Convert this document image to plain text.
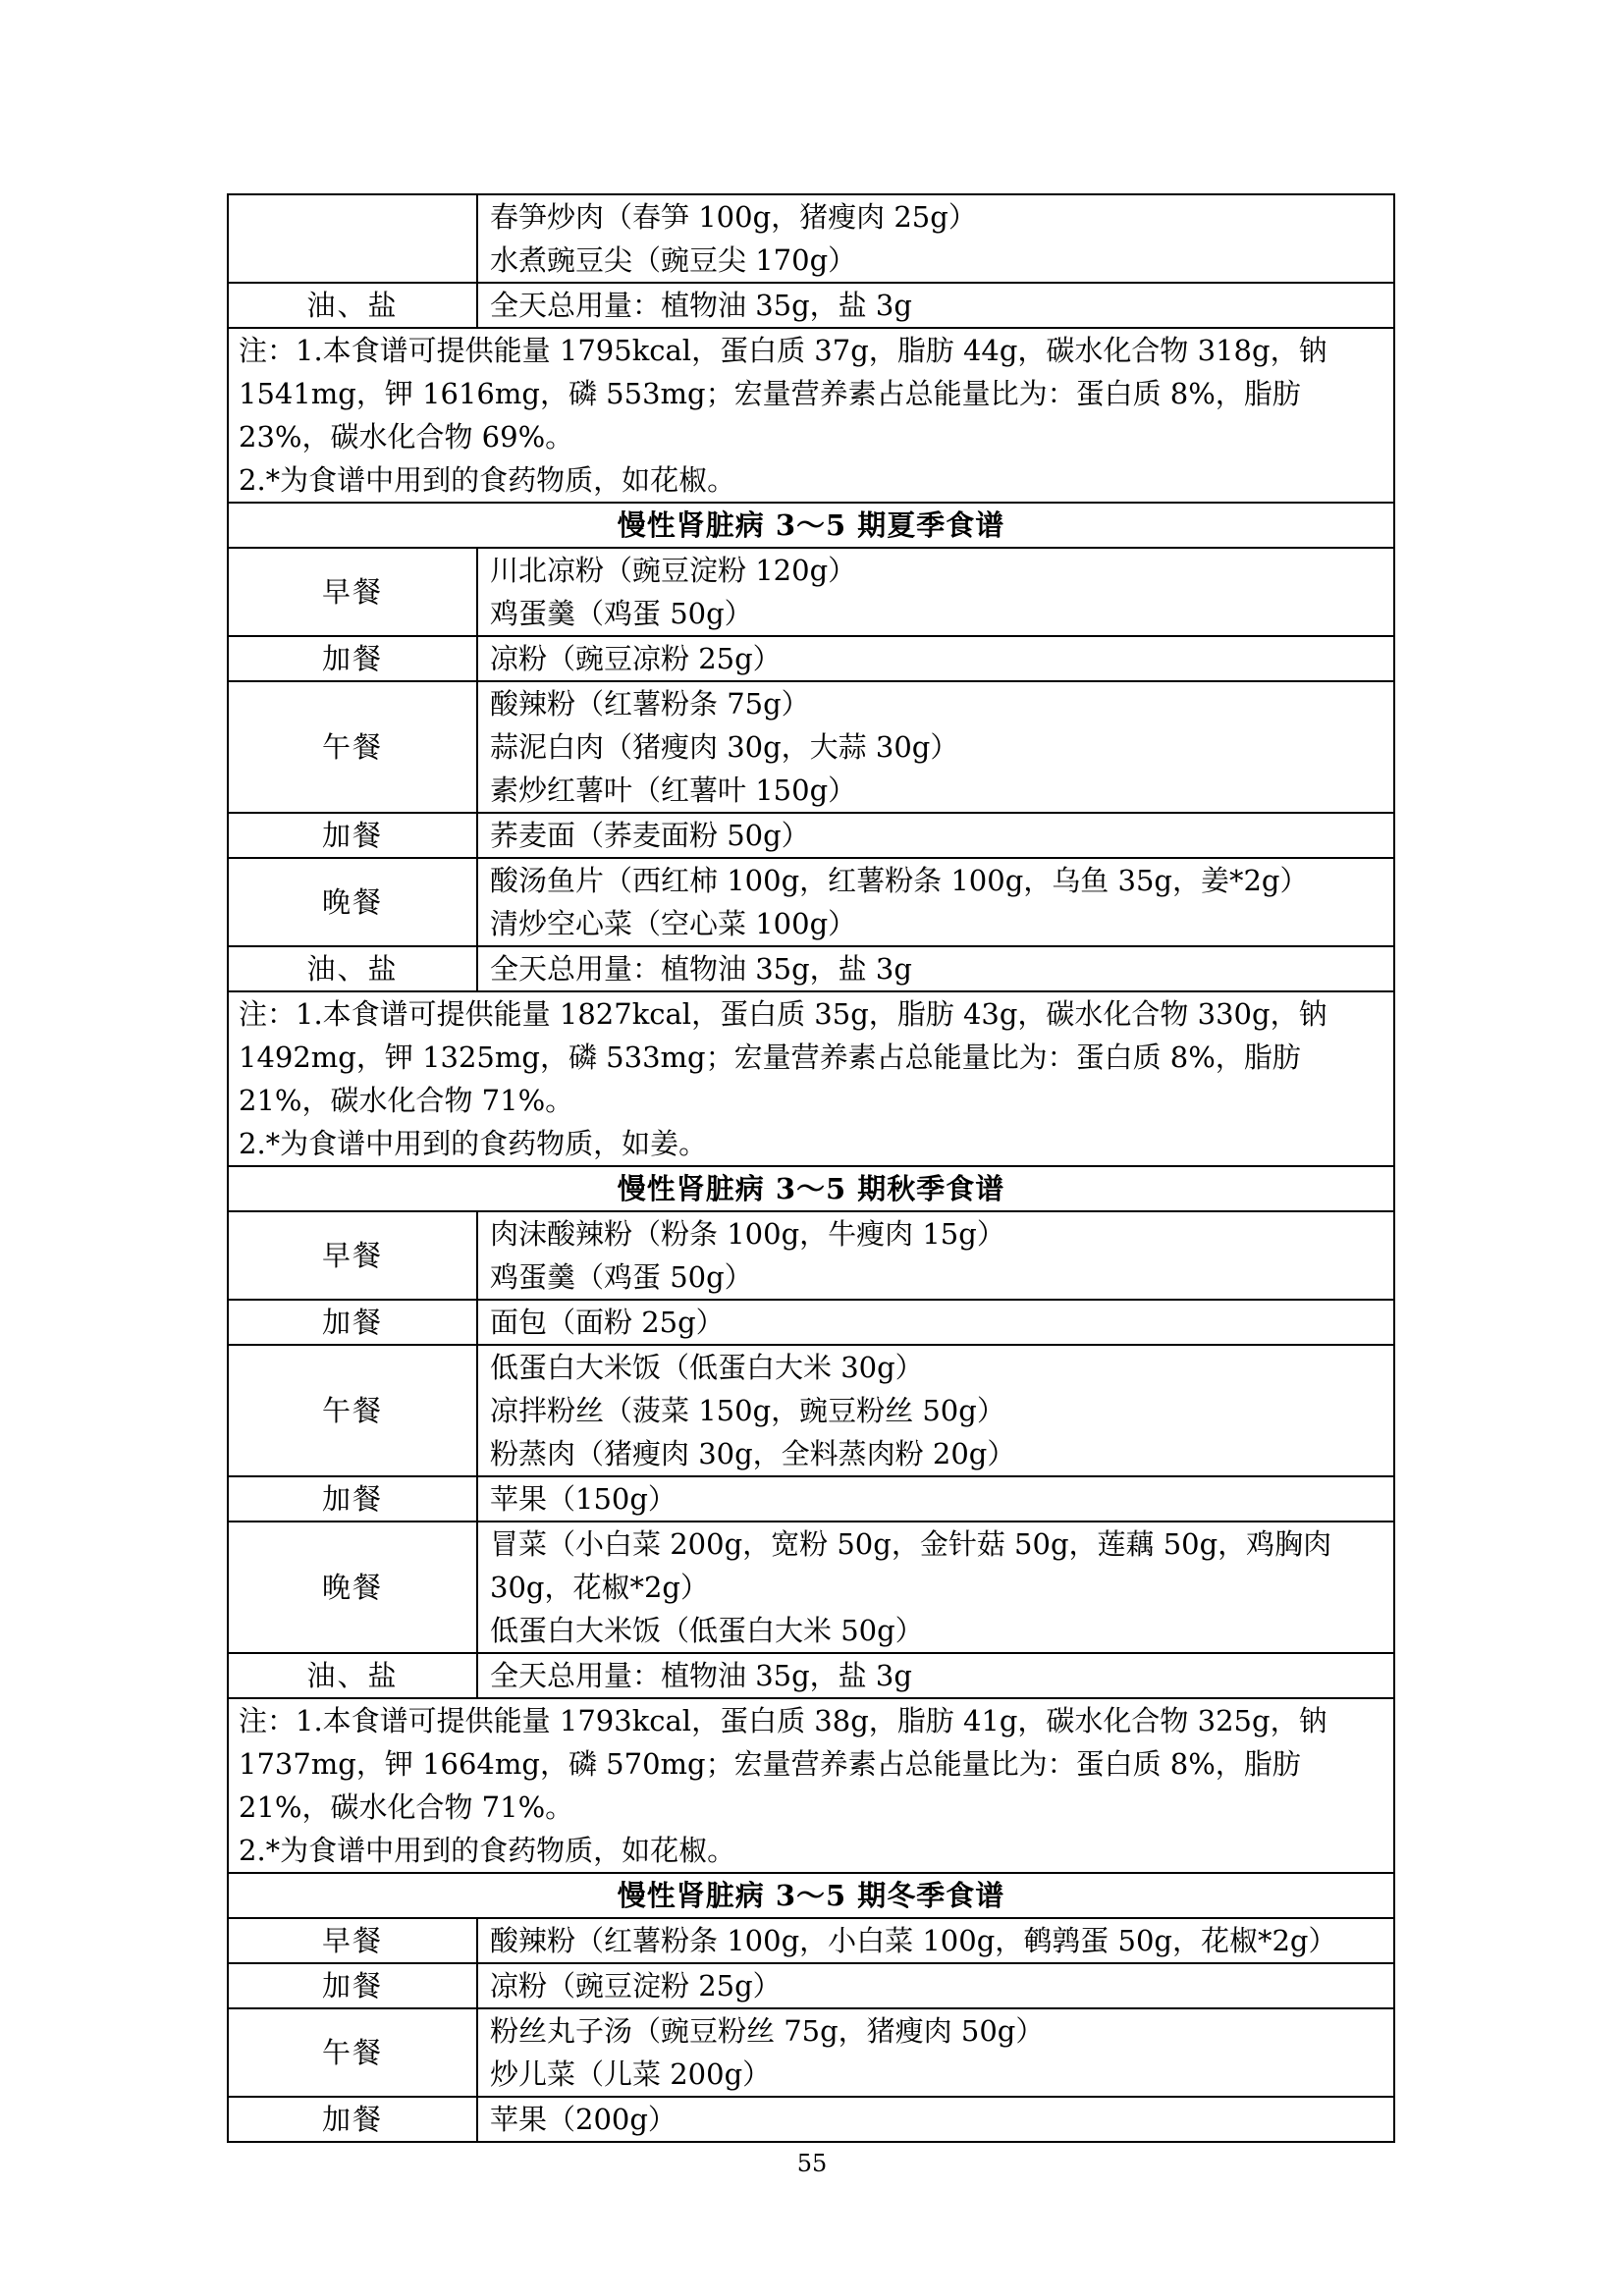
	春笋炒肉（春笋 100g，猪瘦肉 25g）
水煮豌豆尖（豌豆尖 170g）

油、盐	全天总用量：植物油 35g，盐 3g

注：1.本食谱可提供能量 1795kcal，蛋白质 37g，脂肪 44g，碳水化合物 318g，钠 1541mg，钾 1616mg，磷 553mg；宏量营养素占总能量比为：蛋白质 8%，脂肪 23%，碳水化合物 69%。
2.*为食谱中用到的食药物质，如花椒。	

慢性肾脏病 3～5 期夏季食谱	
早餐	川北凉粉（豌豆淀粉 120g）
鸡蛋羹（鸡蛋 50g）

加餐	凉粉（豌豆凉粉 25g）

午餐	酸辣粉（红薯粉条 75g）
蒜泥白肉（猪瘦肉 30g，大蒜 30g）
素炒红薯叶（红薯叶 150g）

加餐	荞麦面（荞麦面粉 50g）

晚餐	酸汤鱼片（西红柿 100g，红薯粉条 100g，乌鱼 35g，姜*2g）
清炒空心菜（空心菜 100g）

油、盐	全天总用量：植物油 35g，盐 3g

注：1.本食谱可提供能量 1827kcal，蛋白质 35g，脂肪 43g，碳水化合物 330g，钠 1492mg，钾 1325mg，磷 533mg；宏量营养素占总能量比为：蛋白质 8%，脂肪 21%，碳水化合物 71%。
2.*为食谱中用到的食药物质，如姜。	

慢性肾脏病 3～5 期秋季食谱	
早餐	肉沫酸辣粉（粉条 100g，牛瘦肉 15g）
鸡蛋羹（鸡蛋 50g）

加餐	面包（面粉 25g）

午餐	低蛋白大米饭（低蛋白大米 30g）
凉拌粉丝（菠菜 150g，豌豆粉丝 50g）
粉蒸肉（猪瘦肉 30g，全料蒸肉粉 20g）

加餐	苹果（150g）

晚餐	冒菜（小白菜 200g，宽粉 50g，金针菇 50g，莲藕 50g，鸡胸肉 30g，花椒*2g）
低蛋白大米饭（低蛋白大米 50g）

油、盐	全天总用量：植物油 35g，盐 3g

注：1.本食谱可提供能量 1793kcal，蛋白质 38g，脂肪 41g，碳水化合物 325g，钠 1737mg，钾 1664mg，磷 570mg；宏量营养素占总能量比为：蛋白质 8%，脂肪 21%，碳水化合物 71%。
2.*为食谱中用到的食药物质，如花椒。	

慢性肾脏病 3～5 期冬季食谱	
早餐	酸辣粉（红薯粉条 100g，小白菜 100g，鹌鹑蛋 50g，花椒*2g）

加餐	凉粉（豌豆淀粉 25g）

午餐	粉丝丸子汤（豌豆粉丝 75g，猪瘦肉 50g）
炒儿菜（儿菜 200g）

加餐	苹果（200g）
55
